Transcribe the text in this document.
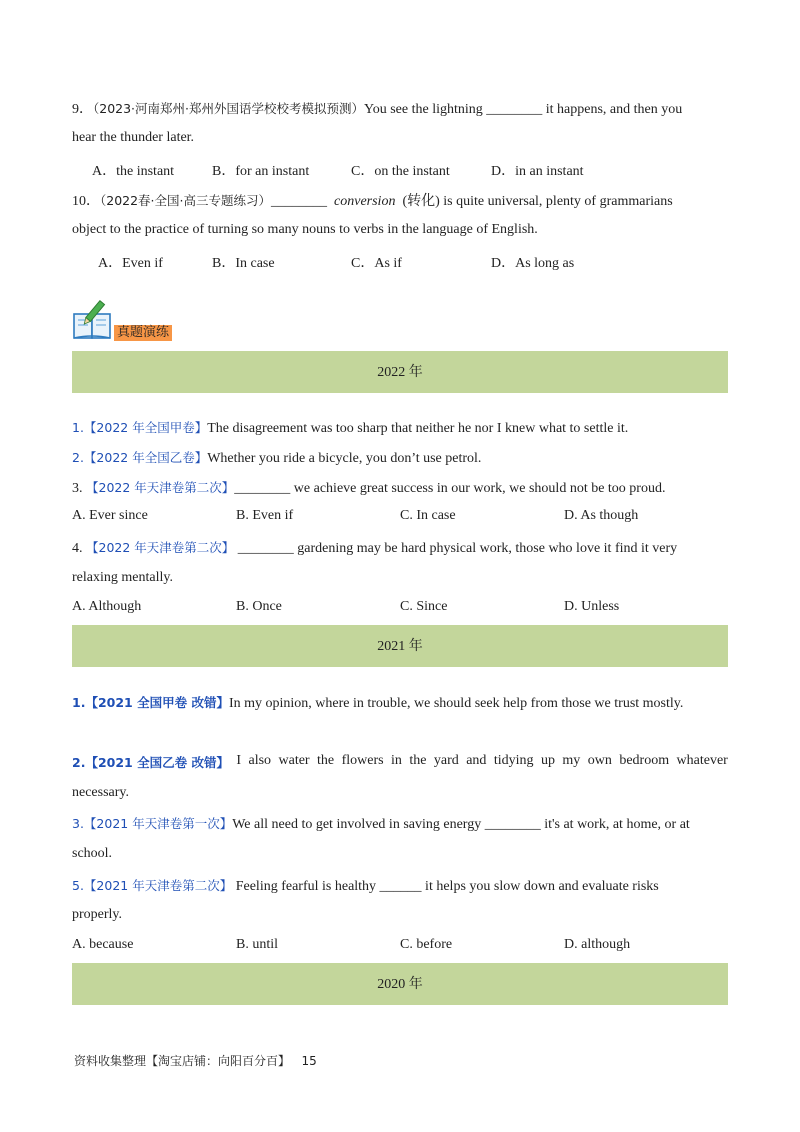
9．（2023·河南郑州·郑州外国语学校校考模拟预测）You see the lightning ________ it happens, and then you
hear the thunder later.
A．the instant	B．for an instant	C．on the instant	D．in an instant
10．（2022春·全国·高三专题练习）________ conversion (转化) is quite universal, plenty of grammarians
object to the practice of turning so many nouns to verbs in the language of English.
A．Even if	B．In case	C．As if	D．As long as
真题演练
2022 年
1.【2022 年全国甲卷】The disagreement was too sharp that neither he nor I knew what to settle it.
2.【2022 年全国乙卷】Whether you ride a bicycle, you don’t use petrol.
3. 【2022 年天津卷第二次】________ we achieve great success in our work, we should not be too proud.
A. Ever since	B. Even if	C. In case	D. As though
4. 【2022 年天津卷第二次】 ________ gardening may be hard physical work, those who love it find it very
relaxing mentally.
A. Although	B. Once	C. Since	D. Unless
2021 年
1.【2021 全国甲卷 改错】In my opinion, where in trouble, we should seek help from those we trust mostly.
2.【2021 全国乙卷 改错】 I also water the flowers in the yard and tidying up my own bedroom whatever
necessary.
3.【2021 年天津卷第一次】We all need to get involved in saving energy ________ it's at work, at home, or at
school.
5.【2021 年天津卷第二次】 Feeling fearful is healthy ______ it helps you slow down and evaluate risks
properly.
A. because	B. until	C. before	D. although
2020 年
资料收集整理【淘宝店铺：向阳百分百】 15
